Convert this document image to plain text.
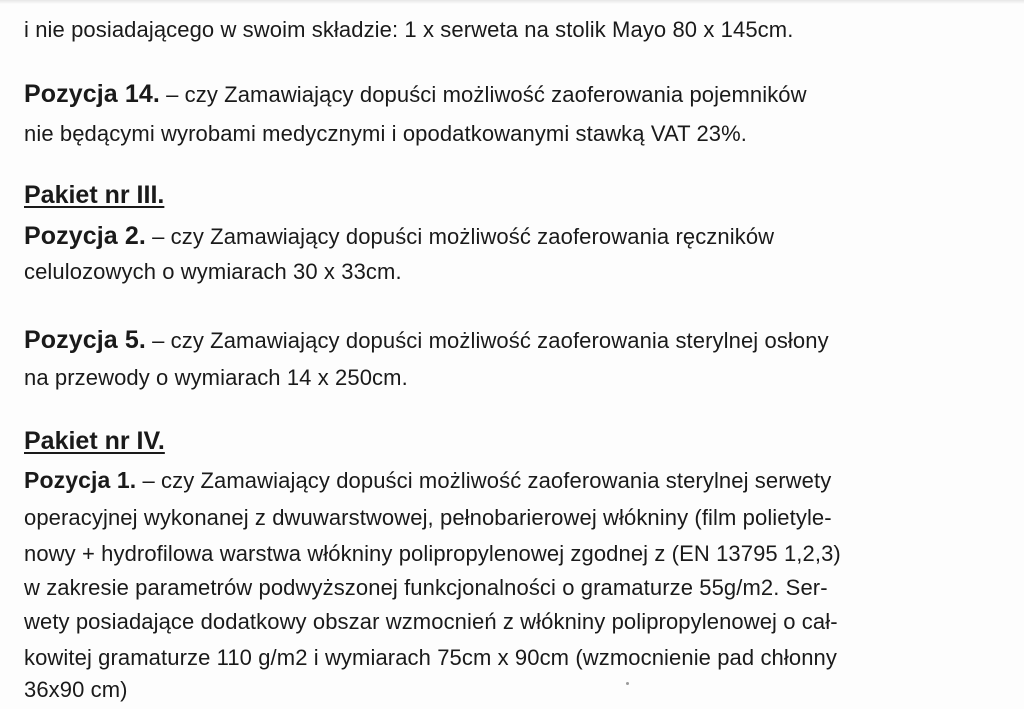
i nie posiadającego w swoim składzie: 1 x serweta na stolik Mayo 80 x 145cm.
Pozycja 14. – czy Zamawiający dopuści możliwość zaoferowania pojemników
nie będącymi wyrobami medycznymi i opodatkowanymi stawką VAT 23%.
Pakiet nr III.
Pozycja 2. – czy Zamawiający dopuści możliwość zaoferowania ręczników
celulozowych o wymiarach 30 x 33cm.
Pozycja 5. – czy Zamawiający dopuści możliwość zaoferowania sterylnej osłony
na przewody o wymiarach 14 x 250cm.
Pakiet nr IV.
Pozycja 1. – czy Zamawiający dopuści możliwość zaoferowania sterylnej serwety
operacyjnej wykonanej z dwuwarstwowej, pełnobarierowej włókniny (film polietyle-
nowy + hydrofilowa warstwa włókniny polipropylenowej zgodnej z (EN 13795 1,2,3)
w zakresie parametrów podwyższonej funkcjonalności o gramaturze 55g/m2. Ser-
wety posiadające dodatkowy obszar wzmocnień z włókniny polipropylenowej o cał-
kowitej gramaturze 110 g/m2 i wymiarach 75cm x 90cm (wzmocnienie pad chłonny
36x90 cm)
